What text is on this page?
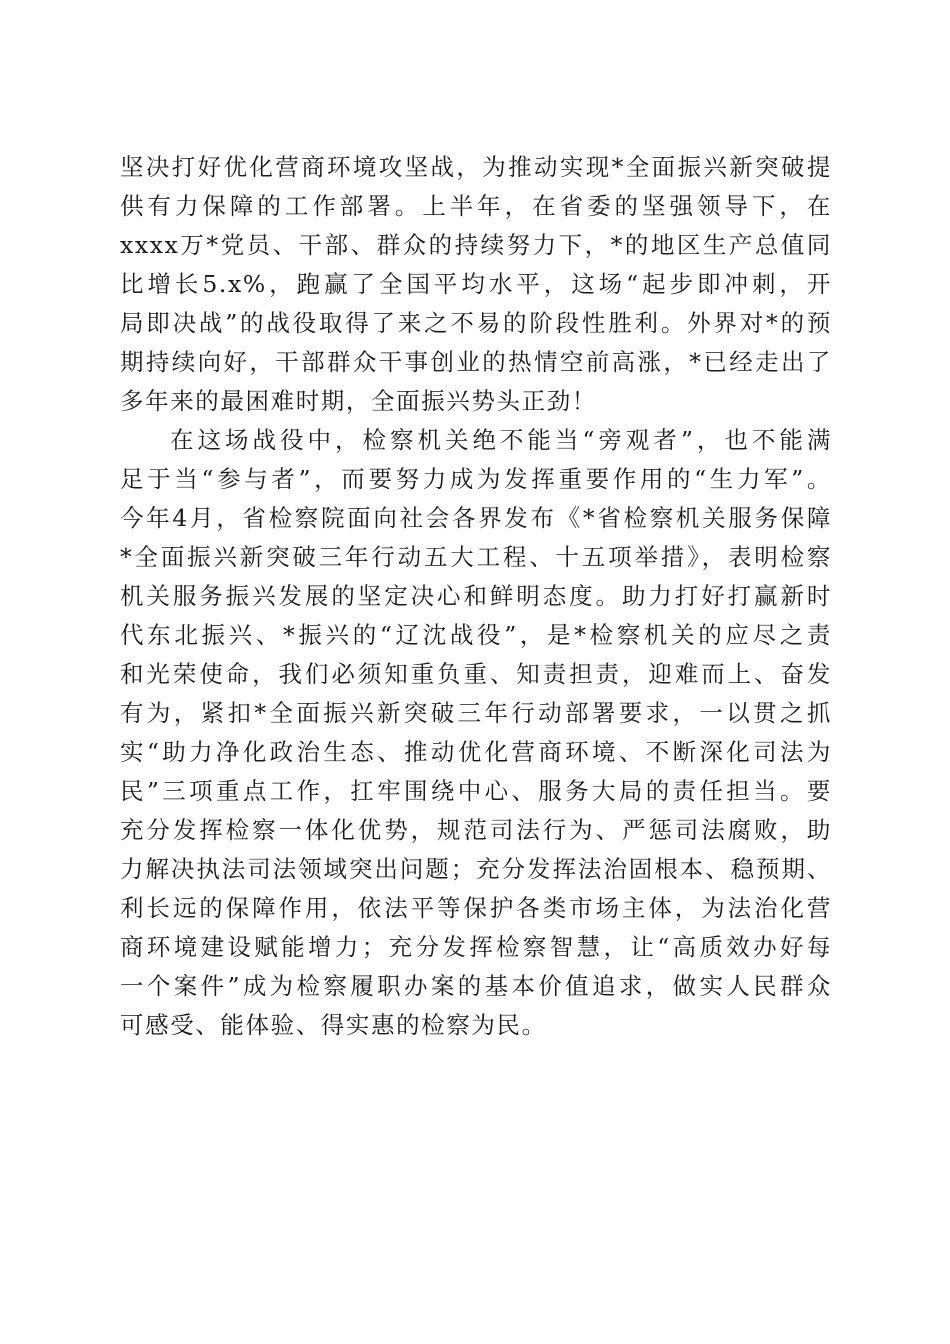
坚决打好优化营商环境攻坚战，为推动实现*全面振兴新突破提
供有力保障的工作部署。上半年，在省委的坚强领导下，在
xxxx万*党员、干部、群众的持续努力下，*的地区生产总值同
比增长5.x%，跑赢了全国平均水平，这场“起步即冲刺，开
局即决战”的战役取得了来之不易的阶段性胜利。外界对*的预
期持续向好，干部群众干事创业的热情空前高涨，*已经走出了
多年来的最困难时期，全面振兴势头正劲！
在这场战役中，检察机关绝不能当“旁观者”，也不能满
足于当“参与者”，而要努力成为发挥重要作用的“生力军”。
今年4月，省检察院面向社会各界发布《*省检察机关服务保障
*全面振兴新突破三年行动五大工程、十五项举措》，表明检察
机关服务振兴发展的坚定决心和鲜明态度。助力打好打赢新时
代东北振兴、*振兴的“辽沈战役”，是*检察机关的应尽之责
和光荣使命，我们必须知重负重、知责担责，迎难而上、奋发
有为，紧扣*全面振兴新突破三年行动部署要求，一以贯之抓
实“助力净化政治生态、推动优化营商环境、不断深化司法为
民”三项重点工作，扛牢围绕中心、服务大局的责任担当。要
充分发挥检察一体化优势，规范司法行为、严惩司法腐败，助
力解决执法司法领域突出问题；充分发挥法治固根本、稳预期、
利长远的保障作用，依法平等保护各类市场主体，为法治化营
商环境建设赋能增力；充分发挥检察智慧，让“高质效办好每
一个案件”成为检察履职办案的基本价值追求，做实人民群众
可感受、能体验、得实惠的检察为民。
